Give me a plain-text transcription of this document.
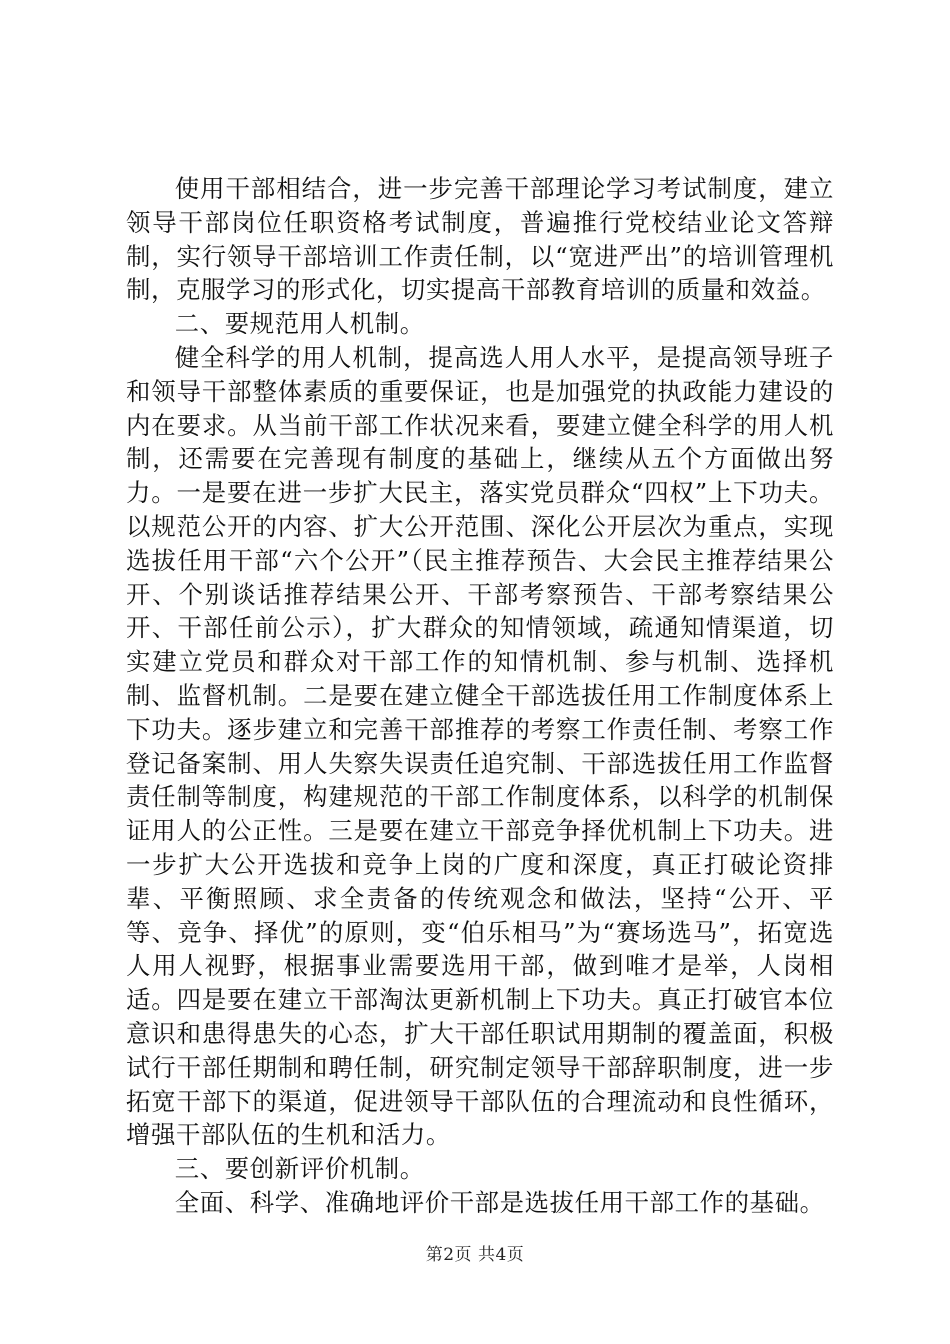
使用干部相结合，进一步完善干部理论学习考试制度，建立领导干部岗位任职资格考试制度，普遍推行党校结业论文答辩制，实行领导干部培训工作责任制，以“宽进严出”的培训管理机制，克服学习的形式化，切实提高干部教育培训的质量和效益。

二、要规范用人机制。

健全科学的用人机制，提高选人用人水平，是提高领导班子和领导干部整体素质的重要保证，也是加强党的执政能力建设的内在要求。从当前干部工作状况来看，要建立健全科学的用人机制，还需要在完善现有制度的基础上，继续从五个方面做出努力。一是要在进一步扩大民主，落实党员群众“四权”上下功夫。以规范公开的内容、扩大公开范围、深化公开层次为重点，实现选拔任用干部“六个公开”（民主推荐预告、大会民主推荐结果公开、个别谈话推荐结果公开、干部考察预告、干部考察结果公开、干部任前公示），扩大群众的知情领域，疏通知情渠道，切实建立党员和群众对干部工作的知情机制、参与机制、选择机制、监督机制。二是要在建立健全干部选拔任用工作制度体系上下功夫。逐步建立和完善干部推荐的考察工作责任制、考察工作登记备案制、用人失察失误责任追究制、干部选拔任用工作监督责任制等制度，构建规范的干部工作制度体系，以科学的机制保证用人的公正性。三是要在建立干部竞争择优机制上下功夫。进一步扩大公开选拔和竞争上岗的广度和深度，真正打破论资排辈、平衡照顾、求全责备的传统观念和做法，坚持“公开、平等、竞争、择优”的原则，变“伯乐相马”为“赛场选马”，拓宽选人用人视野，根据事业需要选用干部，做到唯才是举，人岗相适。四是要在建立干部淘汰更新机制上下功夫。真正打破官本位意识和患得患失的心态，扩大干部任职试用期制的覆盖面，积极试行干部任期制和聘任制，研究制定领导干部辞职制度，进一步拓宽干部下的渠道，促进领导干部队伍的合理流动和良性循环，增强干部队伍的生机和活力。

三、要创新评价机制。

全面、科学、准确地评价干部是选拔任用干部工作的基础。

第2页 共4页
